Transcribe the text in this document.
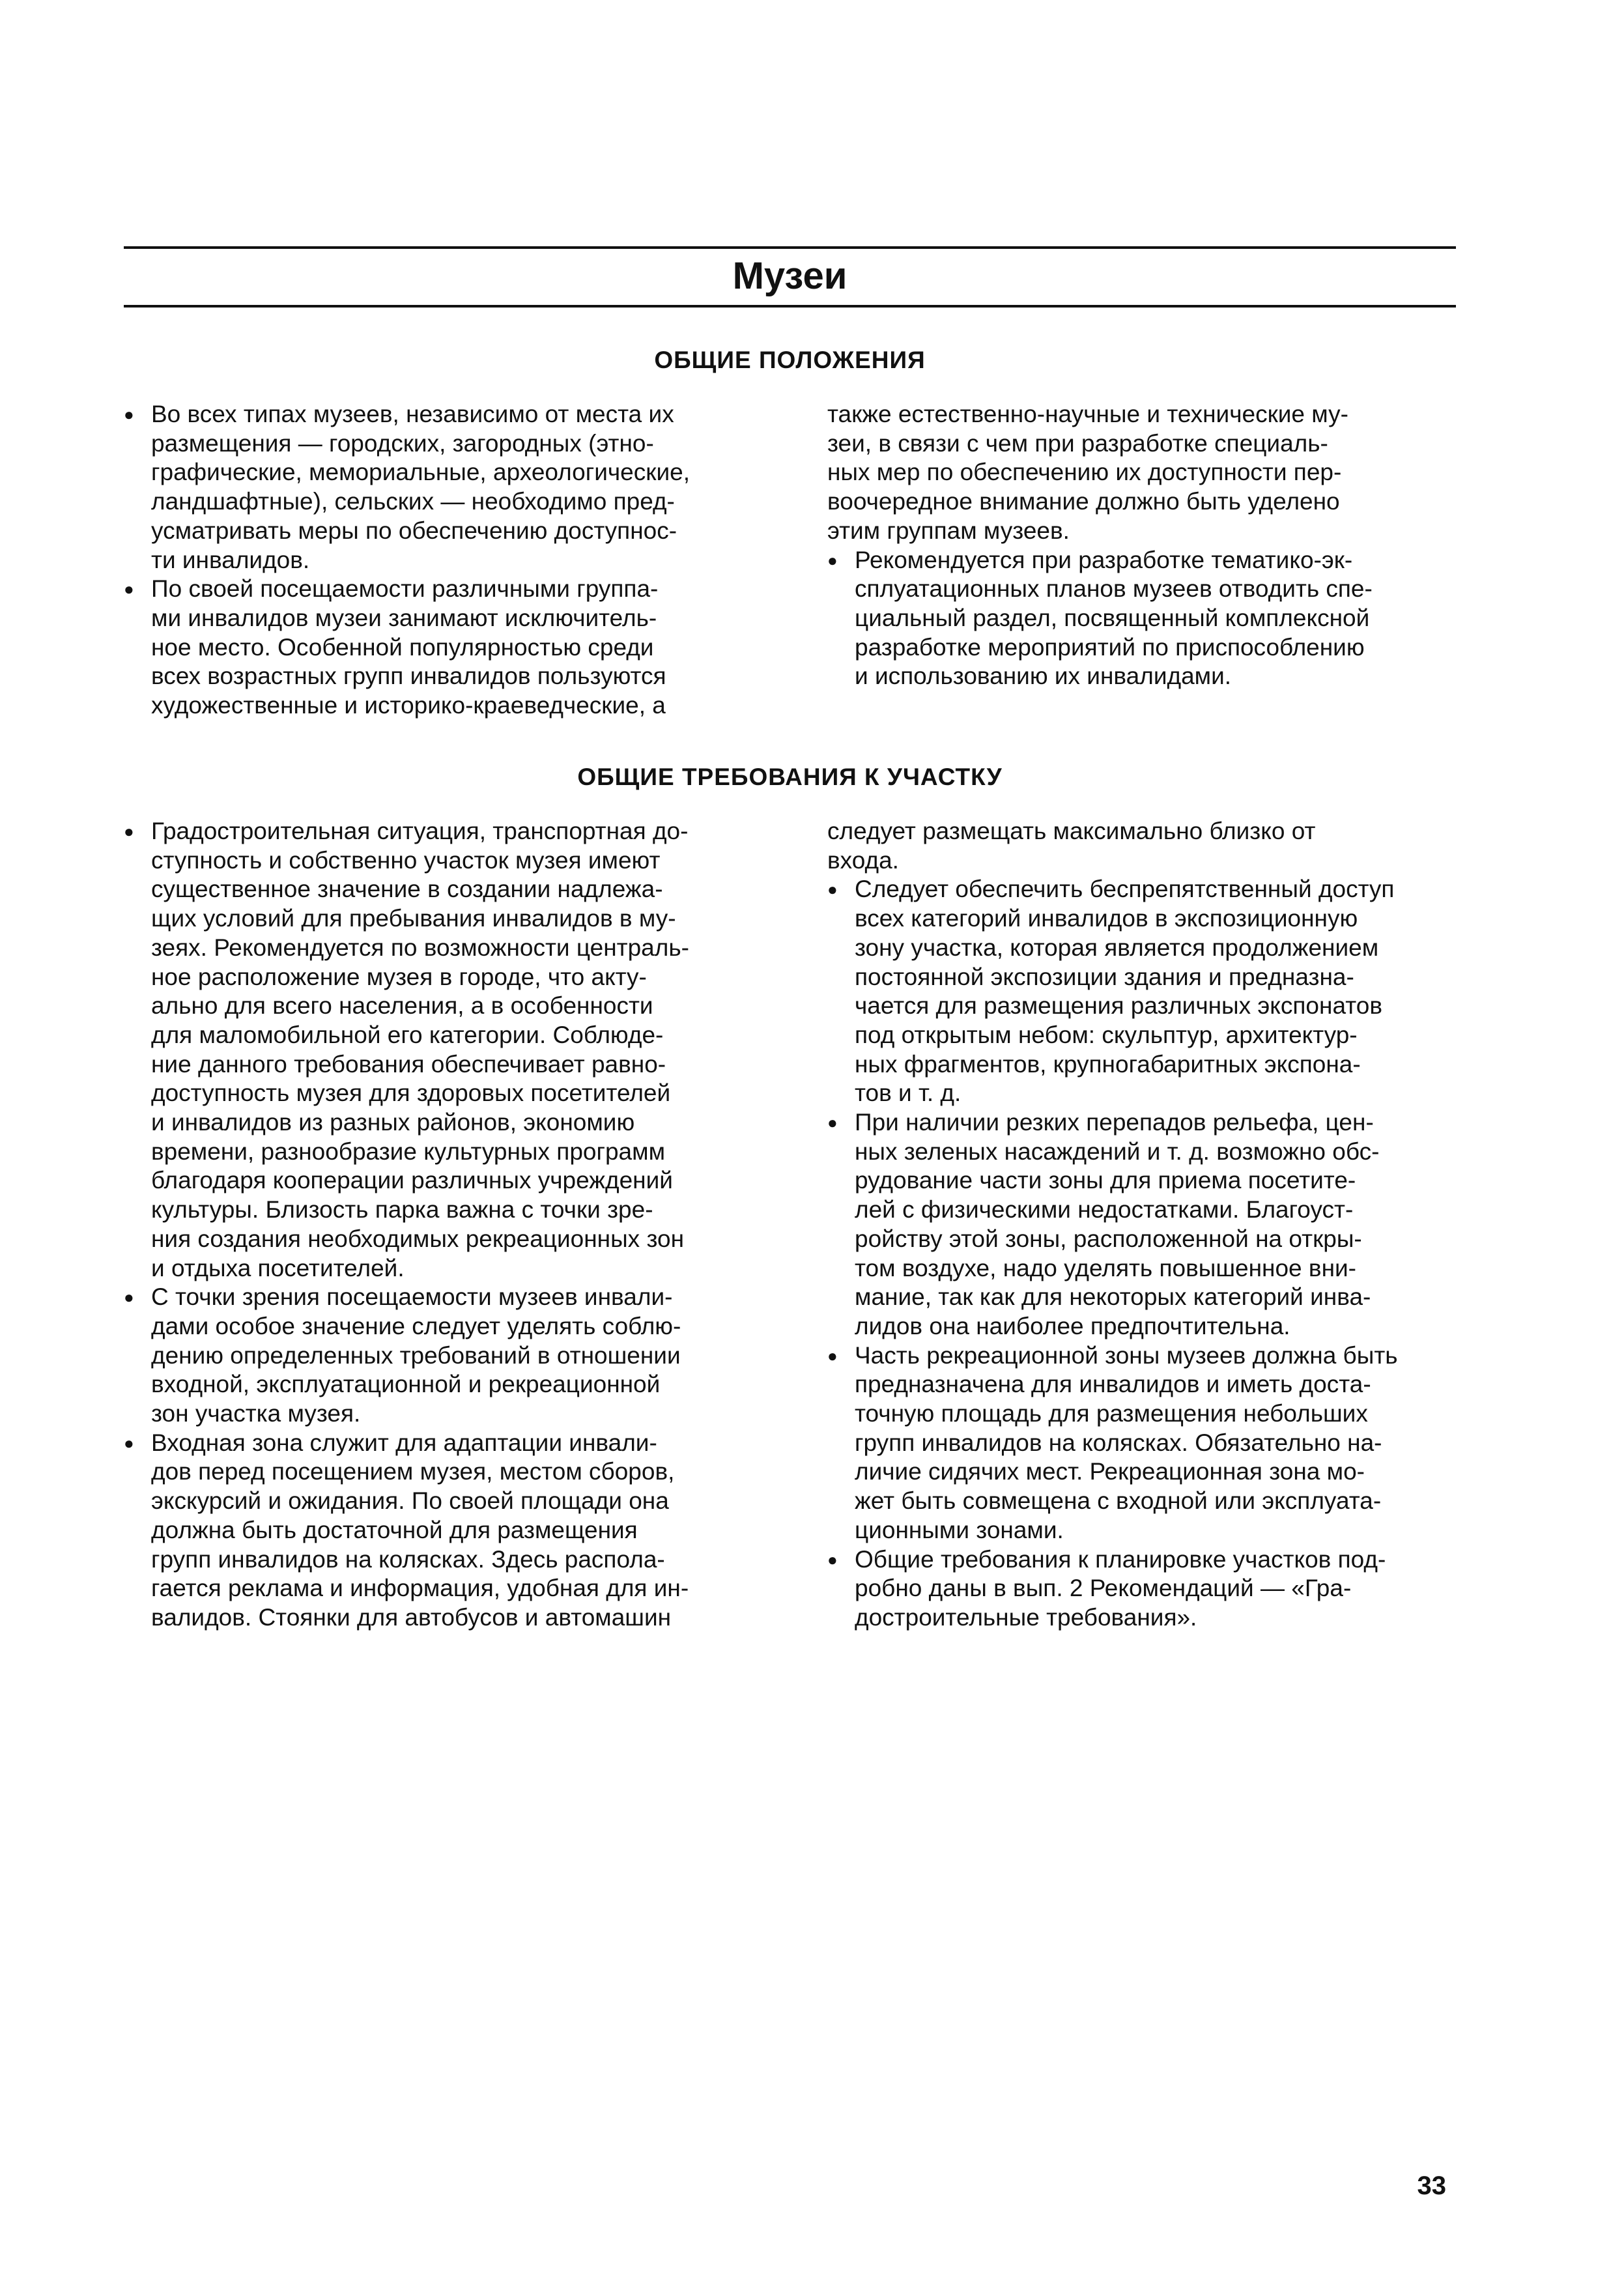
Музеи
ОБЩИЕ ПОЛОЖЕНИЯ

● Во всех типах музеев, независимо от места их
размещения — городских, загородных (этно-
графические, мемориальные, археологические,
ландшафтные), сельских — необходимо пред-
усматривать меры по обеспечению доступнос-
ти инвалидов.

● По своей посещаемости различными группа-
ми инвалидов музеи занимают исключитель-
ное место. Особенной популярностью среди
всех возрастных групп инвалидов пользуются
художественные и историко-краеведческие, а

также естественно-научные и технические му-
зеи, в связи с чем при разработке специаль-
ных мер по обеспечению их доступности пер-
воочередное внимание должно быть уделено
этим группам музеев.

● Рекомендуется при разработке тематико-эк-
сплуатационных планов музеев отводить спе-
циальный раздел, посвященный комплексной
разработке мероприятий по приспособлению
и использованию их инвалидами.

ОБЩИЕ ТРЕБОВАНИЯ К УЧАСТКУ

● Градостроительная ситуация, транспортная до-
ступность и собственно участок музея имеют
существенное значение в создании надлежа-
щих условий для пребывания инвалидов в му-
зеях. Рекомендуется по возможности централь-
ное расположение музея в городе, что акту-
ально для всего населения, а в особенности
для маломобильной его категории. Соблюде-
ние данного требования обеспечивает равно-
доступность музея для здоровых посетителей
и инвалидов из разных районов, экономию
времени, разнообразие культурных программ
благодаря кооперации различных учреждений
культуры. Близость парка важна с точки зре-
ния создания необходимых рекреационных зон
и отдыха посетителей.

● С точки зрения посещаемости музеев инвали-
дами особое значение следует уделять соблю-
дению определенных требований в отношении
входной, эксплуатационной и рекреационной
зон участка музея.

● Входная зона служит для адаптации инвали-
дов перед посещением музея, местом сборов,
экскурсий и ожидания. По своей площади она
должна быть достаточной для размещения
групп инвалидов на колясках. Здесь распола-
гается реклама и информация, удобная для ин-
валидов. Стоянки для автобусов и автомашин

следует размещать максимально близко от
входа.

● Следует обеспечить беспрепятственный доступ
всех категорий инвалидов в экспозиционную
зону участка, которая является продолжением
постоянной экспозиции здания и предназна-
чается для размещения различных экспонатов
под открытым небом: скульптур, архитектур-
ных фрагментов, крупногабаритных экспона-
тов и т. д.

● При наличии резких перепадов рельефа, цен-
ных зеленых насаждений и т. д. возможно обс-
рудование части зоны для приема посетите-
лей с физическими недостатками. Благоуст-
ройству этой зоны, расположенной на откры-
том воздухе, надо уделять повышенное вни-
мание, так как для некоторых категорий инва-
лидов она наиболее предпочтительна.

● Часть рекреационной зоны музеев должна быть
предназначена для инвалидов и иметь доста-
точную площадь для размещения небольших
групп инвалидов на колясках. Обязательно на-
личие сидячих мест. Рекреационная зона мо-
жет быть совмещена с входной или эксплуата-
ционными зонами.

● Общие требования к планировке участков под-
робно даны в вып. 2 Рекомендаций — «Гра-
достроительные требования».

33
